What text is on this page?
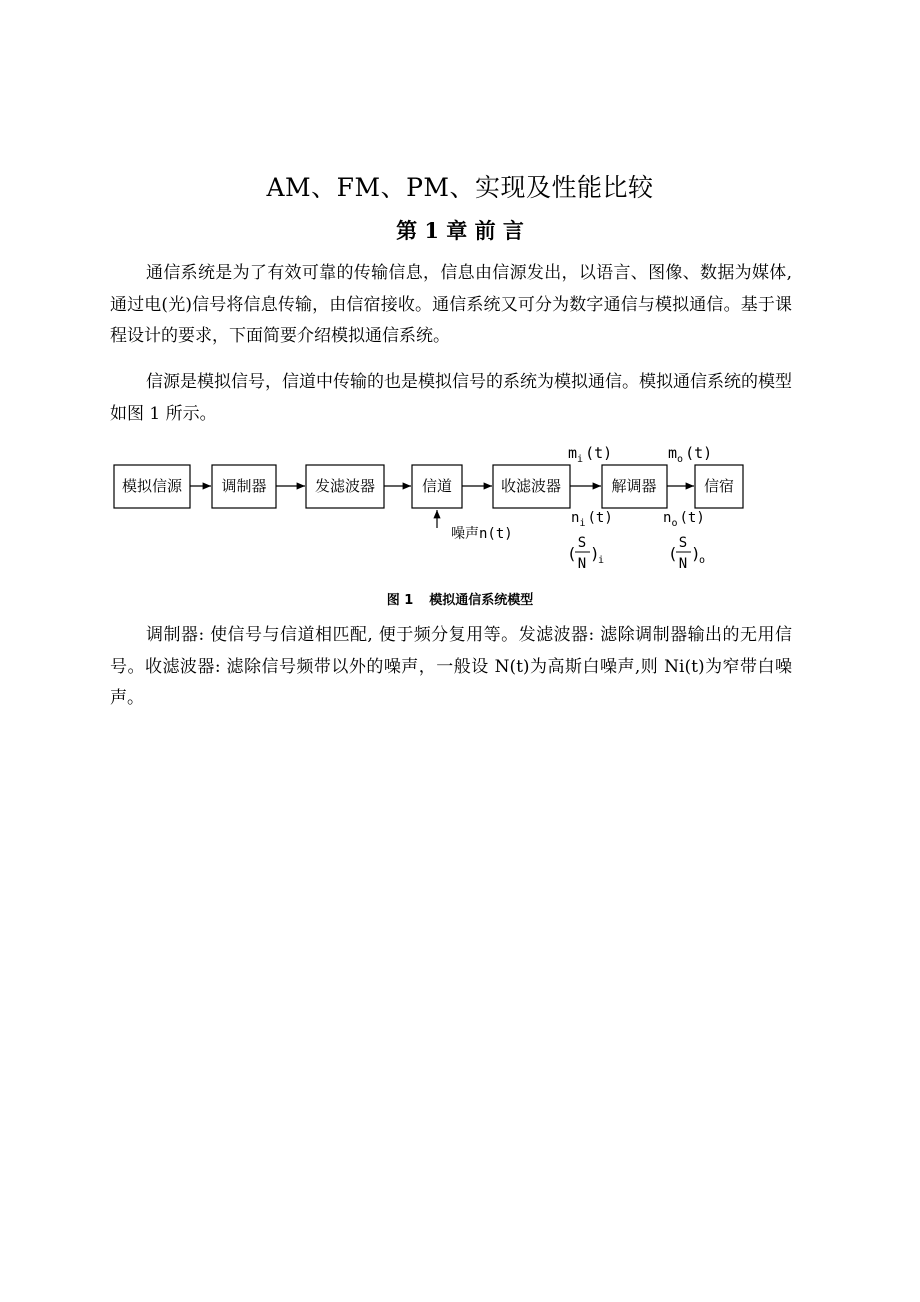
AM、FM、PM、实现及性能比较
第 1 章 前 言

通信系统是为了有效可靠的传输信息，信息由信源发出，以语言、图像、数据为媒体,通过电(光)信号将信息传输，由信宿接收。通信系统又可分为数字通信与模拟通信。基于课程设计的要求，下面简要介绍模拟通信系统。

信源是模拟信号，信道中传输的也是模拟信号的系统为模拟通信。模拟通信系统的模型如图 1 所示。

模拟信源	调制器	发滤波器	信道	收滤波器	解调器	信宿
噪声n(t)
$m_i$ (t)	$m_o$ (t)
$n_i$ (t)	$n_o$ (t)
(
S
N
)
i	(
S
N
)
o
图 1 模拟通信系统模型

调制器: 使信号与信道相匹配, 便于频分复用等。发滤波器: 滤除调制器输出的无用信号。收滤波器: 滤除信号频带以外的噪声，一般设 N(t)为高斯白噪声,则 Ni(t)为窄带白噪声。
